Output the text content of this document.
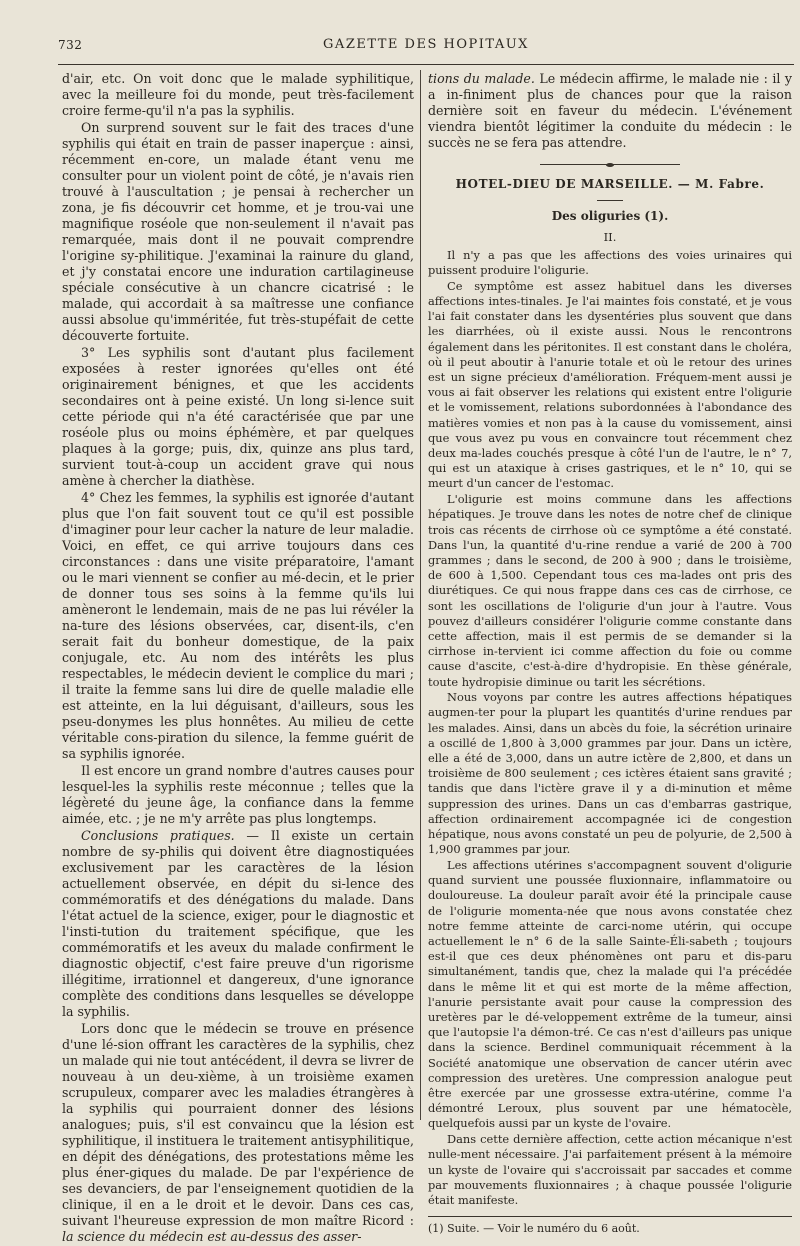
732	GAZETTE DES HOPITAUX

d'air, etc. On voit donc que le malade syphilitique, avec la meilleure foi du monde, peut très-facilement croire ferme-qu'il n'a pas la syphilis.

On surprend souvent sur le fait des traces d'une syphilis qui était en train de passer inaperçue : ainsi, récemment en-core, un malade étant venu me consulter pour un violent point de côté, je n'avais rien trouvé à l'auscultation ; je pensai à rechercher un zona, je fis découvrir cet homme, et je trou-vai une magnifique roséole que non-seulement il n'avait pas remarquée, mais dont il ne pouvait comprendre l'origine sy-philitique. J'examinai la rainure du gland, et j'y constatai encore une induration cartilagineuse spéciale consécutive à un chancre cicatrisé : le malade, qui accordait à sa maîtresse une confiance aussi absolue qu'imméritée, fut très-stupéfait de cette découverte fortuite.

3° Les syphilis sont d'autant plus facilement exposées à rester ignorées qu'elles ont été originairement bénignes, et que les accidents secondaires ont à peine existé. Un long si-lence suit cette période qui n'a été caractérisée que par une roséole plus ou moins éphémère, et par quelques plaques à la gorge; puis, dix, quinze ans plus tard, survient tout-à-coup un accident grave qui nous amène à chercher la diathèse.

4° Chez les femmes, la syphilis est ignorée d'autant plus que l'on fait souvent tout ce qu'il est possible d'imaginer pour leur cacher la nature de leur maladie. Voici, en effet, ce qui arrive toujours dans ces circonstances : dans une visite préparatoire, l'amant ou le mari viennent se confier au mé-decin, et le prier de donner tous ses soins à la femme qu'ils lui amèneront le lendemain, mais de ne pas lui révéler la na-ture des lésions observées, car, disent-ils, c'en serait fait du bonheur domestique, de la paix conjugale, etc. Au nom des intérêts les plus respectables, le médecin devient le complice du mari ; il traite la femme sans lui dire de quelle maladie elle est atteinte, en la lui déguisant, d'ailleurs, sous les pseu-donymes les plus honnêtes. Au milieu de cette véritable cons-piration du silence, la femme guérit de sa syphilis ignorée.

Il est encore un grand nombre d'autres causes pour lesquel-les la syphilis reste méconnue ; telles que la légèreté du jeune âge, la confiance dans la femme aimée, etc. ; je ne m'y arrête pas plus longtemps.

Conclusions pratiques. — Il existe un certain nombre de sy-philis qui doivent être diagnostiquées exclusivement par les caractères de la lésion actuellement observée, en dépit du si-lence des commémoratifs et des dénégations du malade. Dans l'état actuel de la science, exiger, pour le diagnostic et l'insti-tution du traitement spécifique, que les commémoratifs et les aveux du malade confirment le diagnostic objectif, c'est faire preuve d'un rigorisme illégitime, irrationnel et dangereux, d'une ignorance complète des conditions dans lesquelles se développe la syphilis.

Lors donc que le médecin se trouve en présence d'une lé-sion offrant les caractères de la syphilis, chez un malade qui nie tout antécédent, il devra se livrer de nouveau à un deu-xième, à un troisième examen scrupuleux, comparer avec les maladies étrangères à la syphilis qui pourraient donner des lésions analogues; puis, s'il est convaincu que la lésion est syphilitique, il instituera le traitement antisyphilitique, en dépit des dénégations, des protestations même les plus éner-giques du malade. De par l'expérience de ses devanciers, de par l'enseignement quotidien de la clinique, il en a le droit et le devoir. Dans ces cas, suivant l'heureuse expression de mon maître Ricord : la science du médecin est au-dessus des asser-

tions du malade. Le médecin affirme, le malade nie : il y a in-finiment plus de chances pour que la raison dernière soit en faveur du médecin. L'événement viendra bientôt légitimer la conduite du médecin : le succès ne se fera pas attendre.

HOTEL-DIEU DE MARSEILLE. — M. Fabre.
Des oliguries (1).
II.

Il n'y a pas que les affections des voies urinaires qui puissent produire l'oligurie.

Ce symptôme est assez habituel dans les diverses affections intes-tinales. Je l'ai maintes fois constaté, et je vous l'ai fait constater dans les dysentéries plus souvent que dans les diarrhées, où il existe aussi. Nous le rencontrons également dans les péritonites. Il est constant dans le choléra, où il peut aboutir à l'anurie totale et où le retour des urines est un signe précieux d'amélioration. Fréquem-ment aussi je vous ai fait observer les relations qui existent entre l'oligurie et le vomissement, relations subordonnées à l'abondance des matières vomies et non pas à la cause du vomissement, ainsi que vous avez pu vous en convaincre tout récemment chez deux ma-lades couchés presque à côté l'un de l'autre, le n° 7, qui est un ataxique à crises gastriques, et le n° 10, qui se meurt d'un cancer de l'estomac.

L'oligurie est moins commune dans les affections hépatiques. Je trouve dans les notes de notre chef de clinique trois cas récents de cirrhose où ce symptôme a été constaté. Dans l'un, la quantité d'u-rine rendue a varié de 200 à 700 grammes ; dans le second, de 200 à 900 ; dans le troisième, de 600 à 1,500. Cependant tous ces ma-lades ont pris des diurétiques. Ce qui nous frappe dans ces cas de cirrhose, ce sont les oscillations de l'oligurie d'un jour à l'autre. Vous pouvez d'ailleurs considérer l'oligurie comme constante dans cette affection, mais il est permis de se demander si la cirrhose in-tervient ici comme affection du foie ou comme cause d'ascite, c'est-à-dire d'hydropisie. En thèse générale, toute hydropisie diminue ou tarit les sécrétions.

Nous voyons par contre les autres affections hépatiques augmen-ter pour la plupart les quantités d'urine rendues par les malades. Ainsi, dans un abcès du foie, la sécrétion urinaire a oscillé de 1,800 à 3,000 grammes par jour. Dans un ictère, elle a été de 3,000, dans un autre ictère de 2,800, et dans un troisième de 800 seulement ; ces ictères étaient sans gravité ; tandis que dans l'ictère grave il y a di-minution et même suppression des urines. Dans un cas d'embarras gastrique, affection ordinairement accompagnée ici de congestion hépatique, nous avons constaté un peu de polyurie, de 2,500 à 1,900 grammes par jour.

Les affections utérines s'accompagnent souvent d'oligurie quand survient une poussée fluxionnaire, inflammatoire ou douloureuse. La douleur paraît avoir été la principale cause de l'oligurie momenta-née que nous avons constatée chez notre femme atteinte de carci-nome utérin, qui occupe actuellement le n° 6 de la salle Sainte-Éli-sabeth ; toujours est-il que ces deux phénomènes ont paru et dis-paru simultanément, tandis que, chez la malade qui l'a précédée dans le même lit et qui est morte de la même affection, l'anurie persistante avait pour cause la compression des uretères par le dé-veloppement extrême de la tumeur, ainsi que l'autopsie l'a démon-tré. Ce cas n'est d'ailleurs pas unique dans la science. Berdinel communiquait récemment à la Société anatomique une observation de cancer utérin avec compression des uretères. Une compression analogue peut être exercée par une grossesse extra-utérine, comme l'a démontré Leroux, plus souvent par une hématocèle, quelquefois aussi par un kyste de l'ovaire.

Dans cette dernière affection, cette action mécanique n'est nulle-ment nécessaire. J'ai parfaitement présent à la mémoire un kyste de l'ovaire qui s'accroissait par saccades et comme par mouvements fluxionnaires ; à chaque poussée l'oligurie était manifeste.

(1) Suite. — Voir le numéro du 6 août.
